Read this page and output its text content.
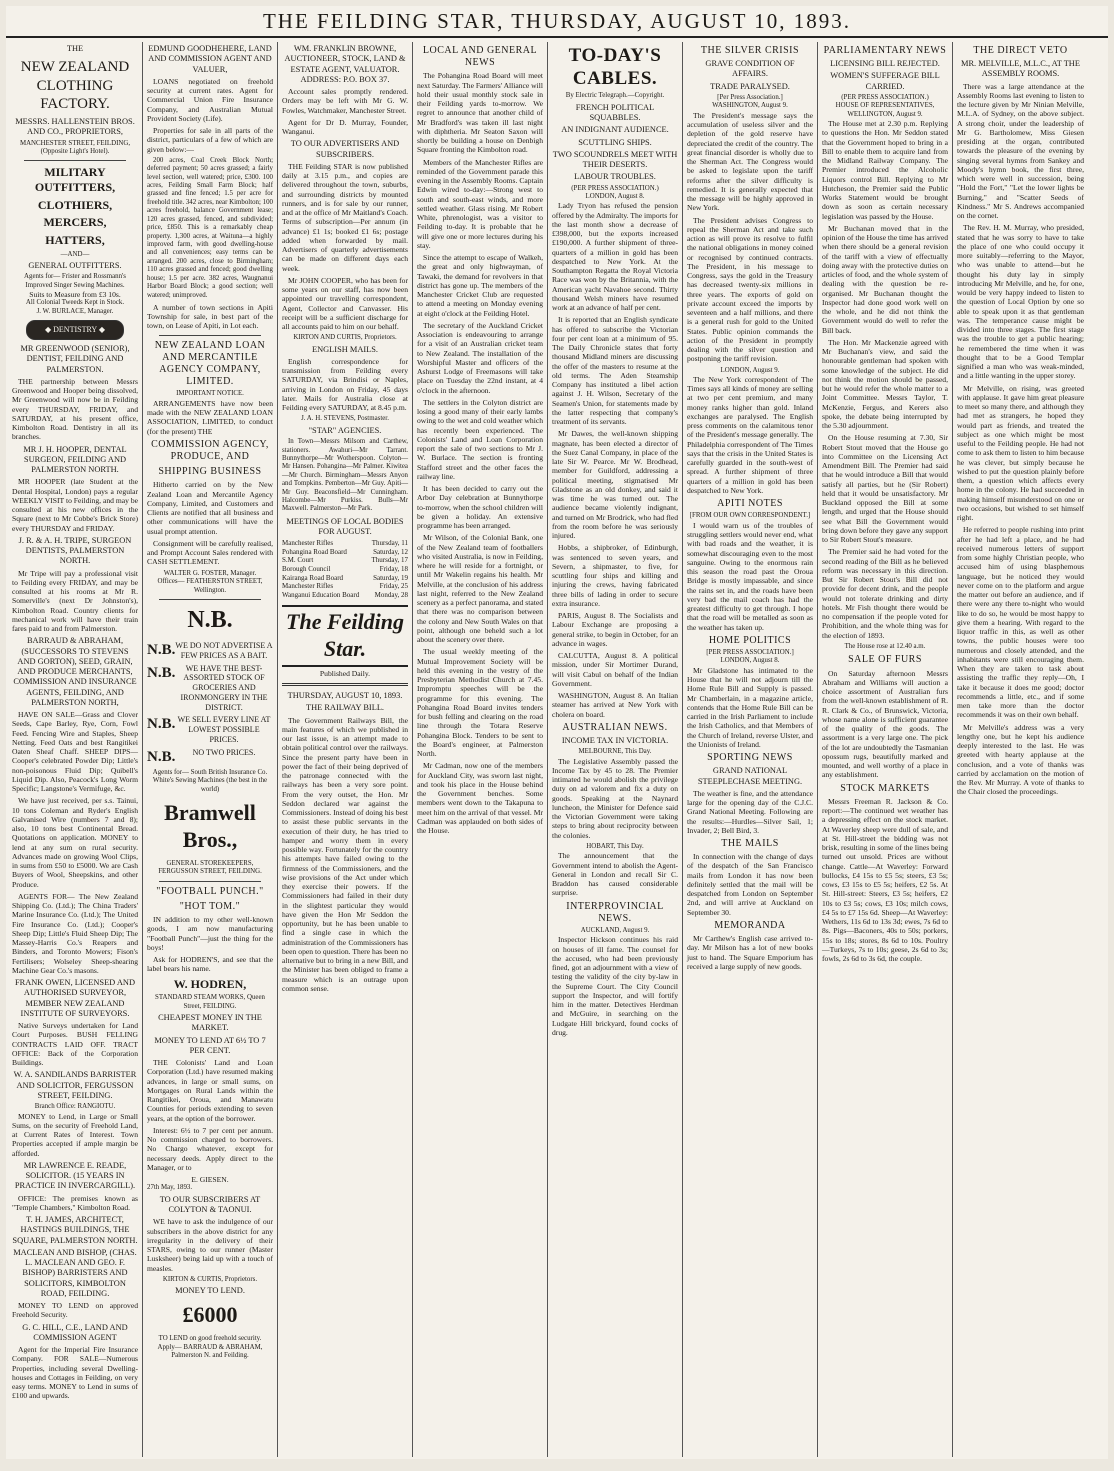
THE FEILDING STAR, THURSDAY, AUGUST 10, 1893.
THE
NEW ZEALAND CLOTHING FACTORY.
MESSRS. HALLENSTEIN BROS. AND CO., PROPRIETORS,
MANCHESTER STREET, FEILDING,
(Opposite Light's Hotel).
MILITARY OUTFITTERS,
CLOTHIERS,
MERCERS,
HATTERS,
—AND—
GENERAL OUTFITTERS.
Agents for— Frister and Rossmann's Improved Singer Sewing Machines.
Suits to Measure from £3 10s.
All Colonial Tweeds Kept in Stock.
J. W. BURLACE, Manager.
◆ DENTISTRY ◆
MR GREENWOOD (SENIOR), DENTIST, FEILDING AND PALMERSTON.

THE partnership between Messrs Greenwood and Hooper being dissolved, Mr Greenwood will now be in Feilding every THURSDAY, FRIDAY, and SATURDAY, at his present office, Kimbolton Road. Dentistry in all its branches.

MR J. H. HOOPER, DENTAL SURGEON, FEILDING AND PALMERSTON NORTH.

MR HOOPER (late Student at the Dental Hospital, London) pays a regular WEEKLY VISIT to Feilding, and may be consulted at his new offices in the Square (next to Mr Cobbe's Brick Store) every THURSDAY and FRIDAY.

J. R. & A. H. TRIPE, SURGEON DENTISTS, PALMERSTON NORTH.

Mr Tripe will pay a professional visit to Feilding every FRIDAY, and may be consulted at his rooms at Mr R. Somerville's (next Dr Johnston's), Kimbolton Road. Country clients for mechanical work will have their train fares paid to and from Palmerston.

BARRAUD & ABRAHAM, (SUCCESSORS TO STEVENS AND GORTON), SEED, GRAIN, AND PRODUCE MERCHANTS, COMMISSION AND INSURANCE AGENTS, FEILDING, AND PALMERSTON NORTH,

HAVE ON SALE—Grass and Clover Seeds, Cape Barley, Rye, Corn, Fowl Feed. Fencing Wire and Staples, Sheep Netting. Feed Oats and best Rangitikei Oaten Sheaf Chaff. SHEEP DIPS—Cooper's celebrated Powder Dip; Little's non-poisonous Fluid Dip; Quibell's Liquid Dip. Also, Peacock's Long Worm Specific; Langstone's Vermifuge, &c.

We have just received, per s.s. Tainui, 10 tons Coleman and Ryder's English Galvanised Wire (numbers 7 and 8); also, 10 tons best Continental Bread. Quotations on application. MONEY to lend at any sum on rural security. Advances made on growing Wool Clips, in sums from £50 to £5000. We are Cash Buyers of Wool, Sheepskins, and other Produce.

AGENTS FOR— The New Zealand Shipping Co. (Ltd.); The China Traders' Marine Insurance Co. (Ltd.); The United Fire Insurance Co. (Ltd.); Cooper's Sheep Dip; Little's Fluid Sheep Dip; The Massey-Harris Co.'s Reapers and Binders, and Toronto Mowers; Fison's Fertilisers; Wolseley Sheep-shearing Machine Gear Co.'s masons.

FRANK OWEN, LICENSED AND AUTHORISED SURVEYOR, MEMBER NEW ZEALAND INSTITUTE OF SURVEYORS.

Native Surveys undertaken for Land Court Purposes. BUSH FELLING CONTRACTS LAID OFF. TRACT OFFICE: Back of the Corporation Buildings.

W. A. SANDILANDS BARRISTER AND SOLICITOR, FERGUSSON STREET, FEILDING.
Branch Office: RANGIOTU.

MONEY to Lend, in Large or Small Sums, on the security of Freehold Land, at Current Rates of Interest. Town Properties accepted if ample margin be afforded.

MR LAWRENCE E. READE, SOLICITOR. (15 YEARS IN PRACTICE IN INVERCARGILL).

OFFICE: The premises known as "Temple Chambers," Kimbolton Road.

T. H. JAMES, ARCHITECT, HASTINGS BUILDINGS, THE SQUARE, PALMERSTON NORTH.
MACLEAN AND BISHOP, (CHAS. L. MACLEAN AND GEO. F. BISHOP) BARRISTERS AND SOLICITORS, KIMBOLTON ROAD, FEILDING.

MONEY TO LEND on approved Freehold Security.

G. C. HILL, C.E., LAND AND COMMISSION AGENT

Agent for the Imperial Fire Insurance Company. FOR SALE—Numerous Properties, including several Dwelling-houses and Cottages in Feilding, on very easy terms. MONEY to Lend in sums of £100 and upwards.

EDMUND GOODHEHERE, LAND AND COMMISSION AGENT AND VALUER,

LOANS negotiated on freehold security at current rates. Agent for Commercial Union Fire Insurance Company, and Australian Mutual Provident Society (Life).

Properties for sale in all parts of the district, particulars of a few of which are given below:—

200 acres, Coal Creek Block North; deferred payment; 50 acres grassed; a fairly level section, well watered; price, £300. 100 acres, Feilding Small Farm Block; half grassed and fine fenced; 1.5 per acre for freehold title. 342 acres, near Kimbolton; 100 acres freehold, balance Government lease; 120 acres grassed, fenced, and subdivided; price, £850. This is a remarkably cheap property. 1,300 acres, at Waituna—a highly improved farm, with good dwelling-house and all conveniences; easy terms can be arranged. 200 acres, close to Birmingham; 110 acres grassed and fenced; good dwelling house; 1.5 per acre. 382 acres, Waugnanui Harbor Board Block; a good section; well watered; unimproved.

A number of town sections in Apiti Township for sale, in best part of the town, on Lease of Apiti, in Lot each.

NEW ZEALAND LOAN AND MERCANTILE AGENCY COMPANY, LIMITED.
IMPORTANT NOTICE.

ARRANGEMENTS have now been made with the NEW ZEALAND LOAN ASSOCIATION, LIMITED, to conduct (for the present) THE

COMMISSION AGENCY, PRODUCE, AND
SHIPPING BUSINESS

Hitherto carried on by the New Zealand Loan and Mercantile Agency Company, Limited, and Customers and Clients are notified that all business and other communications will have the usual prompt attention.

Consignment will be carefully realised, and Prompt Account Sales rendered with CASH SETTLEMENT.

WALTER G. FOSTER, Manager.
Offices— FEATHERSTON STREET, Wellington.
N.B.
N.B. WE DO NOT ADVERTISE A FEW PRICES AS A BAIT.
N.B.	WE HAVE THE BEST-ASSORTED STOCK OF GROCERIES AND IRONMONGERY IN THE DISTRICT.
N.B. WE SELL EVERY LINE AT LOWEST POSSIBLE PRICES.
N.B.	NO TWO PRICES.
Agents for— South British Insurance Co. White's Sewing Machines (the best in the world)
Bramwell Bros.,
GENERAL STOREKEEPERS, FERGUSSON STREET, FEILDING.
"FOOTBALL PUNCH."
"HOT TOM."

IN addition to my other well-known goods, I am now manufacturing "Football Punch"—just the thing for the boys!

Ask for HODREN'S, and see that the label bears his name.

W. HODREN,
STANDARD STEAM WORKS, Queen Street, FEILDING.
CHEAPEST MONEY IN THE MARKET.
MONEY TO LEND AT 6½ TO 7 PER CENT.

THE Colonists' Land and Loan Corporation (Ltd.) have resumed making advances, in large or small sums, on Mortgages on Rural Lands within the Rangitikei, Oroua, and Manawatu Counties for periods extending to seven years, at the option of the borrower.

Interest: 6½ to 7 per cent per annum. No commission charged to borrowers. No Chargo whatever, except for necessary deeds. Apply direct to the Manager, or to

E. GIESEN.
27th May, 1893.
TO OUR SUBSCRIBERS AT COLYTON & TAONUI.

WE have to ask the indulgence of our subscribers in the above district for any irregularity in the delivery of their STARS, owing to our runner (Master Lusksheer) being laid up with a touch of measles.

KIRTON & CURTIS, Proprietors.
MONEY TO LEND.
£6000
TO LEND on good freehold security.
Apply— BARRAUD & ABRAHAM, Palmerston N. and Feilding.
WM. FRANKLIN BROWNE, AUCTIONEER, STOCK, LAND & ESTATE AGENT, VALUATOR. ADDRESS: P.O. BOX 37.

Account sales promptly rendered. Orders may be left with Mr G. W. Fowles, Watchmaker, Manchester Street.

Agent for Dr D. Murray, Founder, Wanganui.

TO OUR ADVERTISERS AND SUBSCRIBERS.

THE Feilding STAR is now published daily at 3.15 p.m., and copies are delivered throughout the town, suburbs, and surrounding districts by mounted runners, and is for sale by our runner, and at the office of Mr Maitland's Coach. Terms of subscription—Per annum (in advance) £1 1s; booked £1 6s; postage added when forwarded by mail. Advertisers of quarterly advertisements can be made on different days each week.

Mr JOHN COOPER, who has been for some years on our staff, has now been appointed our travelling correspondent, Agent, Collector and Canvasser. His receipt will be a sufficient discharge for all accounts paid to him on our behalf.

KIRTON AND CURTIS, Proprietors.
ENGLISH MAILS.

English correspondence for transmission from Feilding every SATURDAY, via Brindisi or Naples, arriving in London on Friday, 45 days later. Mails for Australia close at Feilding every SATURDAY, at 8.45 p.m.

J. A. H. STEVENS, Postmaster.
"STAR" AGENCIES.

In Town—Messrs Milsom and Carthew, stationers. Awahuri—Mr Tarrant. Bunnythorpe—Mr Wotherspoon. Colyton—Mr Hansen. Pohangina—Mr Palmer. Kiwitea—Mr Church. Birmingham—Messrs Anyon and Tompkins. Pemberton—Mr Guy. Apiti—Mr Guy. Beaconsfield—Mr Cunningham. Halcombe—Mr Purkiss. Bulls—Mr Maxwell. Palmerston—Mr Park.

MEETINGS OF LOCAL BODIES FOR AUGUST.
Manchester Rifles	Thursday, 11
Pohangina Road Board	Saturday, 12
S.M. Court	Thursday, 17
Borough Council	Friday, 18
Kairanga Road Board	Saturday, 19
Manchester Rifles	Friday, 25
Wanganui Education Board	Monday, 28
The Feilding Star.
Published Daily.
THURSDAY, AUGUST 10, 1893.
THE RAILWAY BILL.

The Government Railways Bill, the main features of which we published in our last issue, is an attempt made to obtain political control over the railways. Since the present party have been in power the fact of their being deprived of the patronage connected with the railways has been a very sore point. From the very outset, the Hon. Mr Seddon declared war against the Commissioners. Instead of doing his best to assist these public servants in the execution of their duty, he has tried to hamper and worry them in every possible way. Fortunately for the country his attempts have failed owing to the firmness of the Commissioners, and the wise provisions of the Act under which they exercise their powers. If the Commissioners had failed in their duty in the slightest particular they would have given the Hon Mr Seddon the opportunity, but he has been unable to find a single case in which the administration of the Commissioners has been open to question. There has been no alternative but to bring in a new Bill, and the Minister has been obliged to frame a measure which is an outrage upon common sense.

LOCAL AND GENERAL NEWS

The Pohangina Road Board will meet next Saturday. The Farmers' Alliance will hold their usual monthly stock sale in their Feilding yards to-morrow. We regret to announce that another child of Mr Bradford's was taken ill last night with diphtheria. Mr Seaton Saxon will shortly be building a house on Denbigh Square fronting the Kimbolton road.

Members of the Manchester Rifles are reminded of the Government parade this evening in the Assembly Rooms. Captain Edwin wired to-day:—Strong west to south and south-east winds, and more settled weather. Glass rising. Mr Robert White, phrenologist, was a visitor to Feilding to-day. It is probable that he will give one or more lectures during his stay.

Since the attempt to escape of Walkeh, the great and only highwayman, of Tawaki, the demand for revolvers in that district has gone up. The members of the Manchester Cricket Club are requested to attend a meeting on Monday evening at eight o'clock at the Feilding Hotel.

The secretary of the Auckland Cricket Association is endeavouring to arrange for a visit of an Australian cricket team to New Zealand. The installation of the Worshipful Master and officers of the Ashurst Lodge of Freemasons will take place on Tuesday the 22nd instant, at 4 o'clock in the afternoon.

The settlers in the Colyton district are losing a good many of their early lambs owing to the wet and cold weather which has recently been experienced. The Colonists' Land and Loan Corporation report the sale of two sections to Mr J. W. Burlace. The section is fronting Stafford street and the other faces the railway line.

It has been decided to carry out the Arbor Day celebration at Bunnythorpe to-morrow, when the school children will be given a holiday. An extensive programme has been arranged.

Mr Wilson, of the Colonial Bank, one of the New Zealand team of footballers who visited Australia, is now in Feilding, where he will reside for a fortnight, or until Mr Wakelin regains his health. Mr Melville, at the conclusion of his address last night, referred to the New Zealand scenery as a perfect panorama, and stated that there was no comparison between the colony and New South Wales on that point, although one beheld such a lot about the scenery over there.

The usual weekly meeting of the Mutual Improvement Society will be held this evening in the vestry of the Presbyterian Methodist Church at 7.45. Impromptu speeches will be the programme for this evening. The Pohangina Road Board invites tenders for bush felling and clearing on the road line through the Totara Reserve Pohangina Block. Tenders to be sent to the Board's engineer, at Palmerston North.

Mr Cadman, now one of the members for Auckland City, was sworn last night, and took his place in the House behind the Government benches. Some members went down to the Takapuna to meet him on the arrival of that vessel. Mr Cadman was applauded on both sides of the House.

TO-DAY'S CABLES.
By Electric Telegraph.—Copyright.
FRENCH POLITICAL SQUABBLES.
AN INDIGNANT AUDIENCE.
SCUTTLING SHIPS.
TWO SCOUNDRELS MEET WITH THEIR DESERTS.
LABOUR TROUBLES.
(PER PRESS ASSOCIATION.)
LONDON, August 8.

Lady Tryon has refused the pension offered by the Admiralty. The imports for the last month show a decrease of £398,000, but the exports increased £190,000. A further shipment of three-quarters of a million in gold has been despatched to New York. At the Southampton Regatta the Royal Victoria Race was won by the Britannia, with the American yacht Navahoe second. Thirty thousand Welsh miners have resumed work at an advance of half per cent.

It is reported that an English syndicate has offered to subscribe the Victorian four per cent loan at a minimum of 95. The Daily Chronicle states that forty thousand Midland miners are discussing the offer of the masters to resume at the old terms. The Aden Steamship Company has instituted a libel action against J. H. Wilson, Secretary of the Seamen's Union, for statements made by the latter respecting that company's treatment of its servants.

Mr Dawes, the well-known shipping magnate, has been elected a director of the Suez Canal Company, in place of the late Sir W. Pearce. Mr W. Brodhead, member for Guildford, addressing a political meeting, stigmatised Mr Gladstone as an old donkey, and said it was time he was turned out. The audience became violently indignant, and turned on Mr Brodrick, who had fled from the room before he was seriously injured.

Hobbs, a shipbroker, of Edinburgh, was sentenced to seven years, and Severn, a shipmaster, to five, for scuttling four ships and killing and injuring the crews, having fabricated three bills of lading in order to secure extra insurance.

PARIS, August 8. The Socialists and Labour Exchange are proposing a general strike, to begin in October, for an advance in wages.

CALCUTTA, August 8. A political mission, under Sir Mortimer Durand, will visit Cabul on behalf of the Indian Government.

WASHINGTON, August 8. An Italian steamer has arrived at New York with cholera on board.

AUSTRALIAN NEWS.
INCOME TAX IN VICTORIA.
MELBOURNE, This Day.

The Legislative Assembly passed the Income Tax by 45 to 28. The Premier intimated he would abolish the privilege duty on ad valorem and fix a duty on goods. Speaking at the Naynard luncheon, the Minister for Defence said the Victorian Government were taking steps to bring about reciprocity between the colonies.

HOBART, This Day.

The announcement that the Government intend to abolish the Agent-General in London and recall Sir C. Braddon has caused considerable surprise.

INTERPROVINCIAL NEWS.
AUCKLAND, August 9.

Inspector Hickson continues his raid on houses of ill fame. The counsel for the accused, who had been previously fined, got an adjournment with a view of testing the validity of the city by-law in the Supreme Court. The City Council support the Inspector, and will fortify him in the matter. Detectives Herdman and McGuire, in searching on the Ludgate Hill brickyard, found cocks of drug.

THE SILVER CRISIS
GRAVE CONDITION OF AFFAIRS.
TRADE PARALYSED.
[Per Press Association.]
WASHINGTON, August 9.

The President's message says the accumulation of useless silver and the depletion of the gold reserve have depreciated the credit of the country. The great financial disorder is wholly due to the Sherman Act. The Congress would be asked to legislate upon the tariff reforms after the silver difficulty is remedied. It is generally expected that the message will be highly approved in New York.

The President advises Congress to repeal the Sherman Act and take such action as will prove its resolve to fulfil the national obligations in money coined or recognised by continued contracts. The President, in his message to Congress, says the gold in the Treasury has decreased twenty-six millions in three years. The exports of gold on private account exceed the imports by seventeen and a half millions, and there is a general rush for gold to the United States. Public opinion commands the action of the President in promptly dealing with the silver question and postponing the tariff revision.

LONDON, August 9.

The New York correspondent of The Times says all kinds of money are selling at two per cent premium, and many money ranks higher than gold. Inland exchanges are paralysed. The English press comments on the calamitous tenor of the President's message generally. The Philadelphia correspondent of The Times says that the crisis in the United States is carefully guarded in the south-west of spread. A further shipment of three quarters of a million in gold has been despatched to New York.

APITI NOTES
[FROM OUR OWN CORRESPONDENT.]

I would warn us of the troubles of struggling settlers would never end, what with bad roads and the weather, it is somewhat discouraging even to the most sanguine. Owing to the enormous rain this season the road past the Oroua Bridge is mostly impassable, and since the rains set in, and the roads have been very bad the mail coach has had the greatest difficulty to get through. I hope that the road will be metalled as soon as the weather has taken up.

HOME POLITICS
[PER PRESS ASSOCIATION.]
LONDON, August 8.

Mr Gladstone has intimated to the House that he will not adjourn till the Home Rule Bill and Supply is passed. Mr Chamberlain, in a magazine article, contends that the Home Rule Bill can be carried in the Irish Parliament to include the Irish Catholics, and that Members of the Church of Ireland, reverse Ulster, and the Unionists of Ireland.

SPORTING NEWS
GRAND NATIONAL STEEPLECHASE MEETING.

The weather is fine, and the attendance large for the opening day of the C.J.C. Grand National Meeting. Following are the results:—Hurdles—Silver Sail, 1; Invader, 2; Bell Bird, 3.

THE MAILS

In connection with the change of days of the despatch of the San Francisco mails from London it has now been definitely settled that the mail will be despatched from London on September 2nd, and will arrive at Auckland on September 30.

MEMORANDA

Mr Carthew's English case arrived to-day. Mr Milson has a lot of new books just to hand. The Square Emporium has received a large supply of new goods.

PARLIAMENTARY NEWS
LICENSING BILL REJECTED.
WOMEN'S SUFFERAGE BILL CARRIED.
(PER PRESS ASSOCIATION.)
HOUSE OF REPRESENTATIVES,
WELLINGTON, August 9.

The House met at 2.30 p.m. Replying to questions the Hon. Mr Seddon stated that the Government hoped to bring in a Bill to enable them to acquire land from the Midland Railway Company. The Premier introduced the Alcoholic Liquors control Bill. Replying to Mr Hutcheson, the Premier said the Public Works Statement would be brought down as soon as certain necessary legislation was passed by the House.

Mr Buchanan moved that in the opinion of the House the time has arrived when there should be a general revision of the tariff with a view of effectually doing away with the protective duties on articles of food, and the whole system of dealing with the question be re-organised. Mr Buchanan thought the Inspector had done good work well on the whole, and he did not think the Government would do well to refer the Bill back.

The Hon. Mr Mackenzie agreed with Mr Buchanan's view, and said the honourable gentleman had spoken with some knowledge of the subject. He did not think the motion should be passed, but he would refer the whole matter to a Joint Committee. Messrs Taylor, T. McKenzie, Fergus, and Kerers also spoke, the debate being interrupted by the 5.30 adjournment.

On the House resuming at 7.30, Sir Robert Stout moved that the House go into Committee on the Licensing Act Amendment Bill. The Premier had said that he would introduce a Bill that would satisfy all parties, but he (Sir Robert) held that it would be unsatisfactory. Mr Buckland opposed the Bill at some length, and urged that the House should see what Bill the Government would bring down before they gave any support to Sir Robert Stout's measure.

The Premier said he had voted for the second reading of the Bill as he believed reform was necessary in this direction. But Sir Robert Stout's Bill did not provide for decent drink, and the people would not tolerate drinking and dirty hotels. Mr Fish thought there would be no compensation if the people voted for Prohibition, and the whole thing was for the election of 1893.

The House rose at 12.40 a.m.
SALE OF FURS

On Saturday afternoon Messrs Abraham and Williams will auction a choice assortment of Australian furs from the well-known establishment of R. R. Clark & Co., of Brunswick, Victoria, whose name alone is sufficient guarantee of the quality of the goods. The assortment is a very large one. The pick of the lot are undoubtedly the Tasmanian opossum rugs, beautifully marked and mounted, and well worthy of a place in any establishment.

STOCK MARKETS

Messrs Freeman R. Jackson & Co. report:—The continued wet weather has a depressing effect on the stock market. At Waverley sheep were dull of sale, and at St. Hill-street the bidding was not brisk, resulting in some of the lines being turned out unsold. Prices are without change. Cattle—At Waverley: Forward bullocks, £4 15s to £5 5s; steers, £3 5s; cows, £3 15s to £5 5s; heifers, £2 5s. At St. Hill-street: Steers, £3 5s; heifers, £2 10s to £3 5s; cows, £3 10s; milch cows, £4 5s to £7 15s 6d. Sheep—At Waverley: Wethers, 11s 6d to 13s 3d; ewes, 7s 6d to 8s. Pigs—Baconers, 40s to 50s; porkers, 15s to 18s; stores, 8s 6d to 10s. Poultry—Turkeys, 7s to 10s; geese, 2s 6d to 3s; fowls, 2s 6d to 3s 6d, the couple.

THE DIRECT VETO
MR. MELVILLE, M.L.C., AT THE ASSEMBLY ROOMS.

There was a large attendance at the Assembly Rooms last evening to listen to the lecture given by Mr Ninian Melville, M.L.A. of Sydney, on the above subject. A strong choir, under the leadership of Mr G. Bartholomew, Miss Giesen presiding at the organ, contributed towards the pleasure of the evening by singing several hymns from Sankey and Moody's hymn book, the first three, which were well in succession, being "Hold the Fort," "Let the lower lights be Burning," and "Scatter Seeds of Kindness." Mr S. Andrews accompanied on the cornet.

The Rev. H. M. Murray, who presided, stated that he was sorry to have to take the place of one who could occupy it more suitably—referring to the Mayor, who was unable to attend—but he thought his duty lay in simply introducing Mr Melville, and he, for one, would be very happy indeed to listen to the question of Local Option by one so able to speak upon it as that gentleman was. The temperance cause might be divided into three stages. The first stage was the trouble to get a public hearing; he remembered the time when it was thought that to be a Good Templar signified a man who was weak-minded, and a little wanting in the upper storey.

Mr Melville, on rising, was greeted with applause. It gave him great pleasure to meet so many there, and although they had met as strangers, he hoped they would part as friends, and treated the subject as one which might be most useful to the Feilding people. He had not come to ask them to listen to him because he was clever, but simply because he wished to put the question plainly before them, a question which affects every home in the colony. He had succeeded in making himself misunderstood on one or two occasions, but wished to set himself right.

He referred to people rushing into print after he had left a place, and he had received numerous letters of support from some highly Christian people, who accused him of using blasphemous language, but he noticed they would never come on to the platform and argue the matter out before an audience, and if there were any there to-night who would like to do so, he would be most happy to give them a hearing. With regard to the liquor traffic in this, as well as other towns, the public houses were too numerous and closely attended, and the inhabitants were still encouraging them. When they are taken to task about assisting the traffic they reply—Oh, I take it because it does me good; doctor recommends a little, etc., and if some men take more than the doctor recommends it was on their own behalf.

Mr Melville's address was a very lengthy one, but he kept his audience deeply interested to the last. He was greeted with hearty applause at the conclusion, and a vote of thanks was carried by acclamation on the motion of the Rev. Mr Murray. A vote of thanks to the Chair closed the proceedings.
